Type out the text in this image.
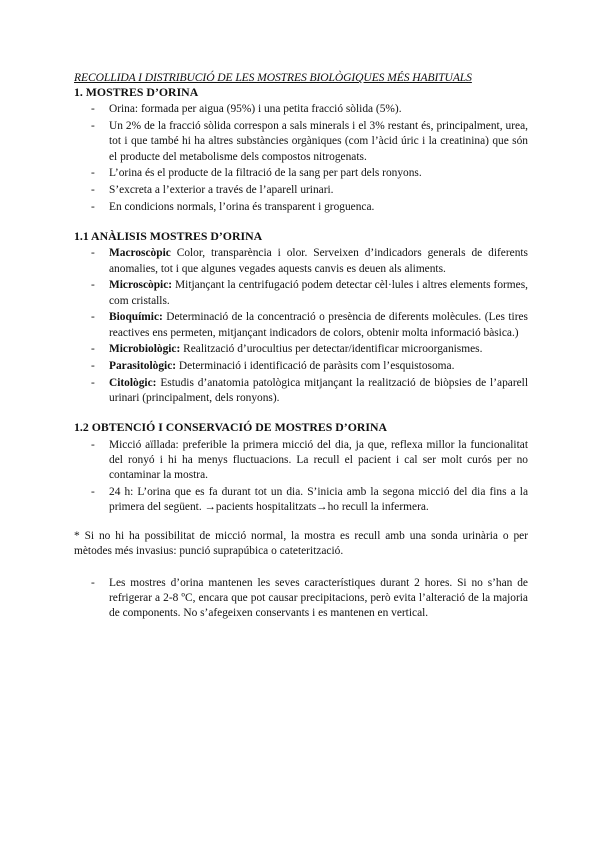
RECOLLIDA I DISTRIBUCIÓ DE LES MOSTRES BIOLÒGIQUES MÉS HABITUALS

1. MOSTRES D’ORINA

- Orina: formada per aigua (95%) i una petita fracció sòlida (5%).
- Un 2% de la fracció sòlida correspon a sals minerals i el 3% restant és, principalment, urea, tot i que també hi ha altres substàncies orgàniques (com l’àcid úric i la creatinina) que són el producte del metabolisme dels compostos nitrogenats.
- L’orina és el producte de la filtració de la sang per part dels ronyons.
- S’excreta a l’exterior a través de l’aparell urinari.
- En condicions normals, l’orina és transparent i groguenca.

1.1 ANÀLISIS MOSTRES D’ORINA

- Macroscòpic Color, transparència i olor. Serveixen d’indicadors generals de diferents anomalies, tot i que algunes vegades aquests canvis es deuen als aliments.
- Microscòpic: Mitjançant la centrifugació podem detectar cèl·lules i altres elements formes, com cristalls.
- Bioquímic: Determinació de la concentració o presència de diferents molècules. (Les tires reactives ens permeten, mitjançant indicadors de colors, obtenir molta informació bàsica.)
- Microbiològic: Realització d’urocultius per detectar/identificar microorganismes.
- Parasitològic: Determinació i identificació de paràsits com l’esquistosoma.
- Citològic: Estudis d’anatomia patològica mitjançant la realització de biòpsies de l’aparell urinari (principalment, dels ronyons).

1.2 OBTENCIÓ I CONSERVACIÓ DE MOSTRES D’ORINA

- Micció aïllada: preferible la primera micció del dia, ja que, reflexa millor la funcionalitat del ronyó i hi ha menys fluctuacions. La recull el pacient i cal ser molt curós per no contaminar la mostra.
- 24 h: L’orina que es fa durant tot un dia. S’inicia amb la segona micció del dia fins a la primera del següent. →pacients hospitalitzats→ho recull la infermera.

* Si no hi ha possibilitat de micció normal, la mostra es recull amb una sonda urinària o per mètodes més invasius: punció suprapúbica o cateterització.

- Les mostres d’orina mantenen les seves característiques durant 2 hores. Si no s’han de refrigerar a 2-8 ºC, encara que pot causar precipitacions, però evita l’alteració de la majoria de components. No s’afegeixen conservants i es mantenen en vertical.
